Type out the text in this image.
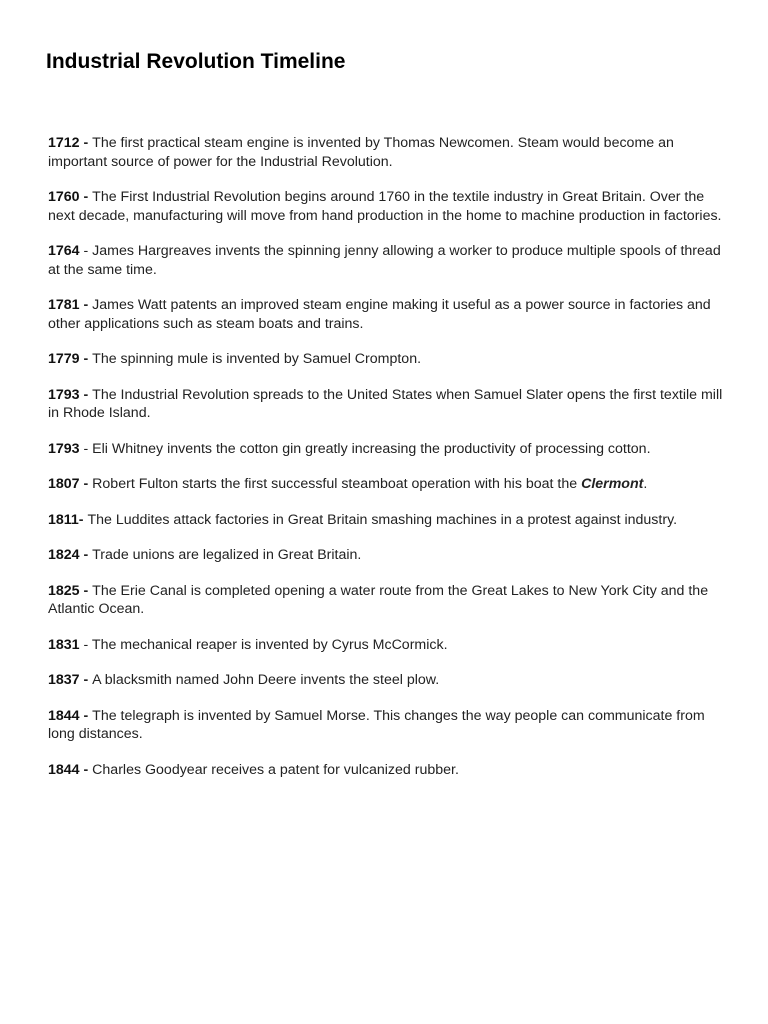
Industrial Revolution Timeline
1712 - The first practical steam engine is invented by Thomas Newcomen. Steam would become an important source of power for the Industrial Revolution.
1760 - The First Industrial Revolution begins around 1760 in the textile industry in Great Britain. Over the next decade, manufacturing will move from hand production in the home to machine production in factories.
1764 - James Hargreaves invents the spinning jenny allowing a worker to produce multiple spools of thread at the same time.
1781 - James Watt patents an improved steam engine making it useful as a power source in factories and other applications such as steam boats and trains.
1779 - The spinning mule is invented by Samuel Crompton.
1793 - The Industrial Revolution spreads to the United States when Samuel Slater opens the first textile mill in Rhode Island.
1793 - Eli Whitney invents the cotton gin greatly increasing the productivity of processing cotton.
1807 - Robert Fulton starts the first successful steamboat operation with his boat the Clermont.
1811- The Luddites attack factories in Great Britain smashing machines in a protest against industry.
1824 - Trade unions are legalized in Great Britain.
1825 - The Erie Canal is completed opening a water route from the Great Lakes to New York City and the Atlantic Ocean.
1831 - The mechanical reaper is invented by Cyrus McCormick.
1837 - A blacksmith named John Deere invents the steel plow.
1844 - The telegraph is invented by Samuel Morse. This changes the way people can communicate from long distances.
1844 - Charles Goodyear receives a patent for vulcanized rubber.
